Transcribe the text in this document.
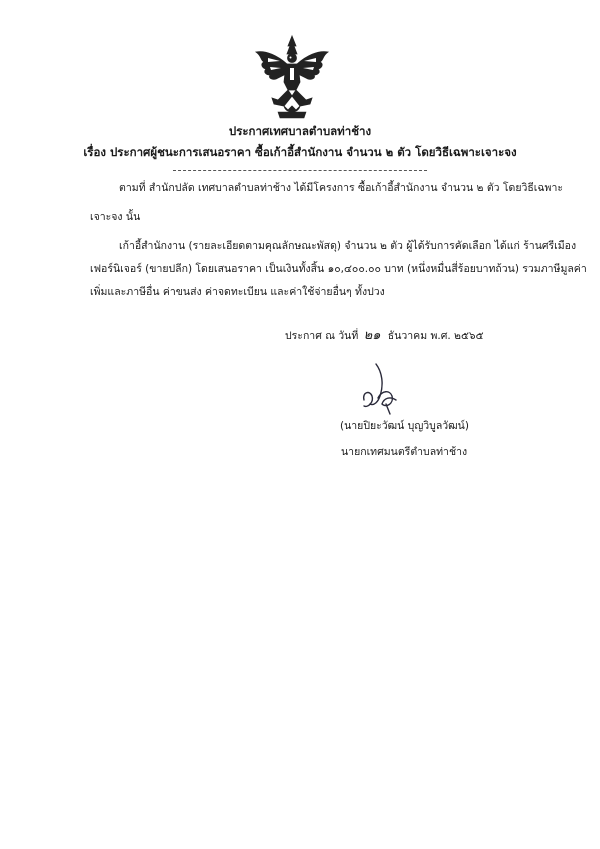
ประกาศเทศบาลตำบลท่าช้าง
เรื่อง ประกาศผู้ชนะการเสนอราคา ซื้อเก้าอี้สำนักงาน จำนวน ๒ ตัว โดยวิธีเฉพาะเจาะจง
ตามที่ สำนักปลัด เทศบาลตำบลท่าช้าง ได้มีโครงการ ซื้อเก้าอี้สำนักงาน จำนวน ๒ ตัว โดยวิธีเฉพาะ
เจาะจง นั้น
เก้าอี้สำนักงาน (รายละเอียดตามคุณลักษณะพัสดุ) จำนวน ๒ ตัว ผู้ได้รับการคัดเลือก ได้แก่ ร้านศรีเมือง
เฟอร์นิเจอร์ (ขายปลีก) โดยเสนอราคา เป็นเงินทั้งสิ้น ๑๐,๔๐๐.๐๐ บาท (หนึ่งหมื่นสี่ร้อยบาทถ้วน) รวมภาษีมูลค่า
เพิ่มและภาษีอื่น ค่าขนส่ง ค่าจดทะเบียน และค่าใช้จ่ายอื่นๆ ทั้งปวง
ประกาศ ณ วันที่ ๒๑ ธันวาคม พ.ศ. ๒๕๖๕
(นายปิยะวัฒน์ บุญวิบูลวัฒน์)
นายกเทศมนตรีตำบลท่าช้าง
